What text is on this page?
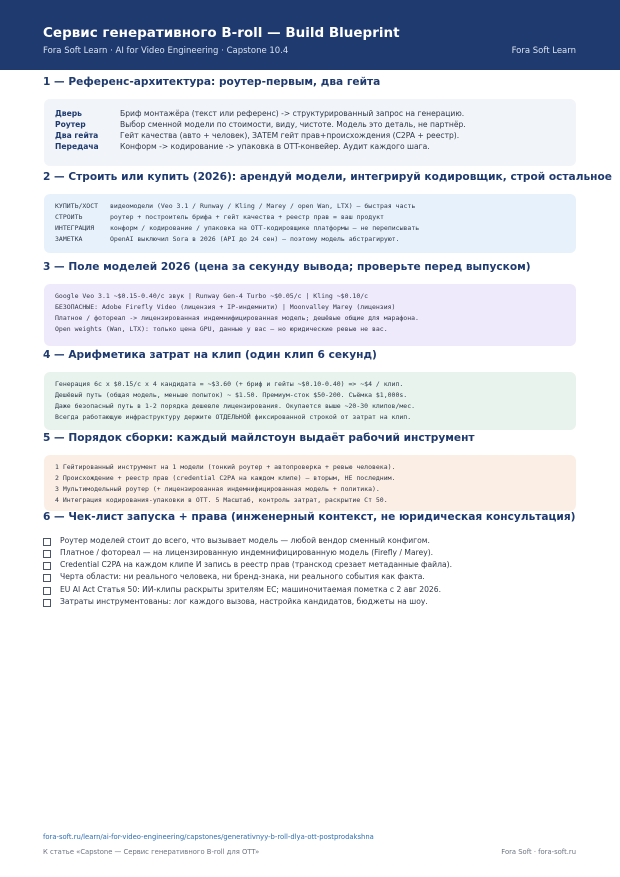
Сервис генеративного B-roll — Build Blueprint
Fora Soft Learn · AI for Video Engineering · Capstone 10.4	Fora Soft Learn
1 — Референс-архитектура: роутер-первым, два гейта
Дверь	Бриф монтажёра (текст или референс) -> структурированный запрос на генерацию.
Роутер	Выбор сменной модели по стоимости, виду, чистоте. Модель это деталь, не партнёр.
Два гейта	Гейт качества (авто + человек), ЗАТЕМ гейт прав+происхождения (C2PA + реестр).
Передача	Конформ -> кодирование -> упаковка в OTT-конвейер. Аудит каждого шага.
2 — Строить или купить (2026): арендуй модели, интегрируй кодировщик, строй остальное
КУПИТЬ/ХОСТ видеомодели (Veo 3.1 / Runway / Kling / Marey / open Wan, LTX) — быстрая часть
СТРОИТЬ	роутер + построитель брифа + гейт качества + реестр прав = ваш продукт
ИНТЕГРАЦИЯ конформ / кодирование / упаковка на OTT-кодировщике платформы — не переписывать
ЗАМЕТКА	OpenAI выключил Sora в 2026 (API до 24 сен) — поэтому модель абстрагируют.
3 — Поле моделей 2026 (цена за секунду вывода; проверьте перед выпуском)
Google Veo 3.1 ~$0.15-0.40/с звук | Runway Gen-4 Turbo ~$0.05/с | Kling ~$0.10/с
БЕЗОПАСНЫЕ: Adobe Firefly Video (лицензия + IP-индемнити) | Moonvalley Marey (лицензия)
Платное / фотореал -> лицензированная индемнифицированная модель; дешёвые общие для марафона.
Open weights (Wan, LTX): только цена GPU, данные у вас — но юридические ревью не вас.
4 — Арифметика затрат на клип (один клип 6 секунд)
Генерация 6с x $0.15/с x 4 кандидата = ~$3.60 (+ бриф и гейты ~$0.10-0.40) => ~$4 / клип.
Дешёвый путь (общая модель, меньше попыток) ~ $1.50. Премиум-сток $50-200. Съёмка $1,000s.
Даже безопасный путь в 1-2 порядка дешевле лицензирования. Окупается выше ~20-30 клипов/мес.
Всегда работающую инфраструктуру держите ОТДЕЛЬНОЙ фиксированной строкой от затрат на клип.
5 — Порядок сборки: каждый майлстоун выдаёт рабочий инструмент
1 Гейтированный инструмент на 1 модели (тонкий роутер + автопроверка + ревью человека).
2 Происхождение + реестр прав (credential C2PA на каждом клипе) — вторым, НЕ последним.
3 Мультимодельный роутер (+ лицензированная индемнифицированная модель + политика).
4 Интеграция кодирования-упаковки в OTT. 5 Масштаб, контроль затрат, раскрытие Ст 50.
6 — Чек-лист запуска + права (инженерный контекст, не юридическая консультация)
Роутер моделей стоит до всего, что вызывает модель — любой вендор сменный конфигом.
Платное / фотореал — на лицензированную индемнифицированную модель (Firefly / Marey).
Credential C2PA на каждом клипе И запись в реестр прав (транскод срезает метаданные файла).
Черта области: ни реального человека, ни бренд-знака, ни реального события как факта.
EU AI Act Статья 50: ИИ-клипы раскрыты зрителям ЕС; машиночитаемая пометка с 2 авг 2026.
Затраты инструментованы: лог каждого вызова, настройка кандидатов, бюджеты на шоу.
fora-soft.ru/learn/ai-for-video-engineering/capstones/generativnyy-b-roll-dlya-ott-postprodakshna
К статье «Capstone — Сервис генеративного B-roll для OTT»	Fora Soft · fora-soft.ru
